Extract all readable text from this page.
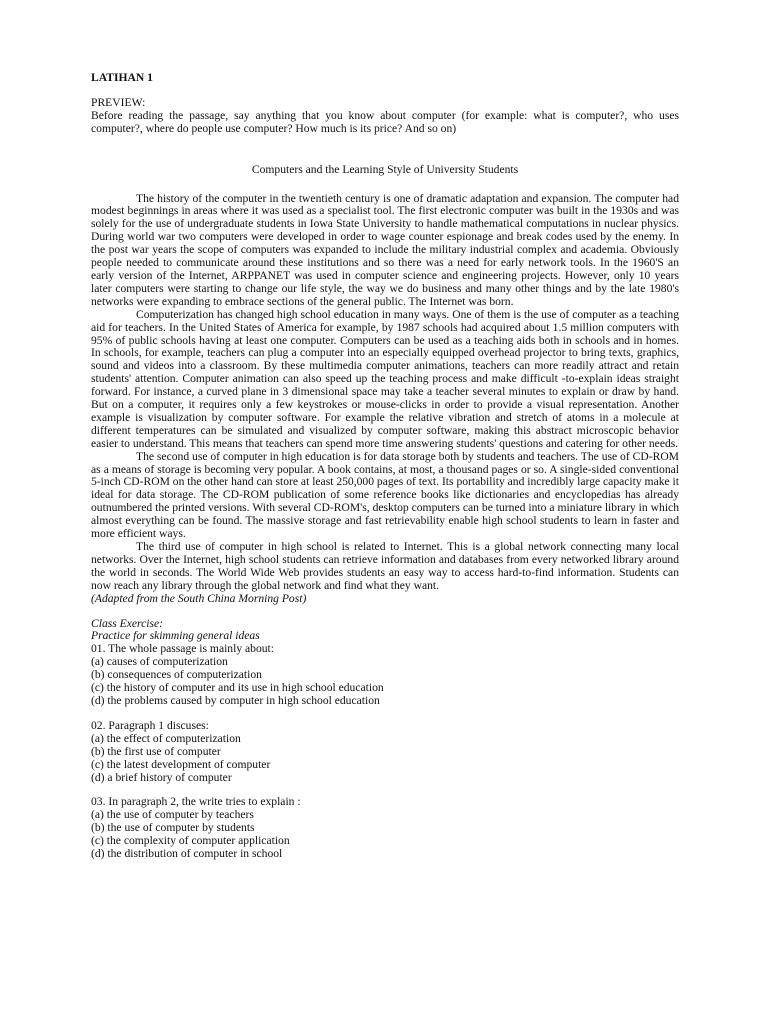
LATIHAN 1

PREVIEW:

Before reading the passage, say anything that you know about computer (for example: what is computer?, who uses computer?, where do people use computer? How much is its price? And so on)

Computers and the Learning Style of University Students

The history of the computer in the twentieth century is one of dramatic adaptation and expansion. The computer had modest beginnings in areas where it was used as a specialist tool. The first electronic computer was built in the 1930s and was solely for the use of undergraduate students in Iowa State University to handle mathematical computations in nuclear physics. During world war two computers were developed in order to wage counter espionage and break codes used by the enemy. In the post war years the scope of computers was expanded to include the military industrial complex and academia. Obviously people needed to communicate around these institutions and so there was a need for early network tools. In the 1960'S an early version of the Internet, ARPPANET was used in computer science and engineering projects. However, only 10 years later computers were starting to change our life style, the way we do business and many other things and by the late 1980's networks were expanding to embrace sections of the general public. The Internet was born.

Computerization has changed high school education in many ways. One of them is the use of computer as a teaching aid for teachers. In the United States of America for example, by 1987 schools had acquired about 1.5 million computers with 95% of public schools having at least one computer. Computers can be used as a teaching aids both in schools and in homes. In schools, for example, teachers can plug a computer into an especially equipped overhead projector to bring texts, graphics, sound and videos into a classroom. By these multimedia computer animations, teachers can more readily attract and retain students' attention. Computer animation can also speed up the teaching process and make difficult -to-explain ideas straight forward. For instance, a curved plane in 3 dimensional space may take a teacher several minutes to explain or draw by hand. But on a computer, it requires only a few keystrokes or mouse-clicks in order to provide a visual representation. Another example is visualization by computer software. For example the relative vibration and stretch of atoms in a molecule at different temperatures can be simulated and visualized by computer software, making this abstract microscopic behavior easier to understand. This means that teachers can spend more time answering students' questions and catering for other needs.

The second use of computer in high education is for data storage both by students and teachers. The use of CD-ROM as a means of storage is becoming very popular. A book contains, at most, a thousand pages or so. A single-sided conventional 5-inch CD-ROM on the other hand can store at least 250,000 pages of text. Its portability and incredibly large capacity make it ideal for data storage. The CD-ROM publication of some reference books like dictionaries and encyclopedias has already outnumbered the printed versions. With several CD-ROM's, desktop computers can be turned into a miniature library in which almost everything can be found. The massive storage and fast retrievability enable high school students to learn in faster and more efficient ways.

The third use of computer in high school is related to Internet. This is a global network connecting many local networks. Over the Internet, high school students can retrieve information and databases from every networked library around the world in seconds. The World Wide Web provides students an easy way to access hard-to-find information. Students can now reach any library through the global network and find what they want.

(Adapted from the South China Morning Post)

Class Exercise:

Practice for skimming general ideas

01. The whole passage is mainly about:

(a) causes of computerization

(b) consequences of computerization

(c) the history of computer and its use in high school education

(d) the problems caused by computer in high school education

02. Paragraph 1 discuses:

(a) the effect of computerization

(b) the first use of computer

(c) the latest development of computer

(d) a brief history of computer

03. In paragraph 2, the write tries to explain :

(a) the use of computer by teachers

(b) the use of computer by students

(c) the complexity of computer application

(d) the distribution of computer in school
